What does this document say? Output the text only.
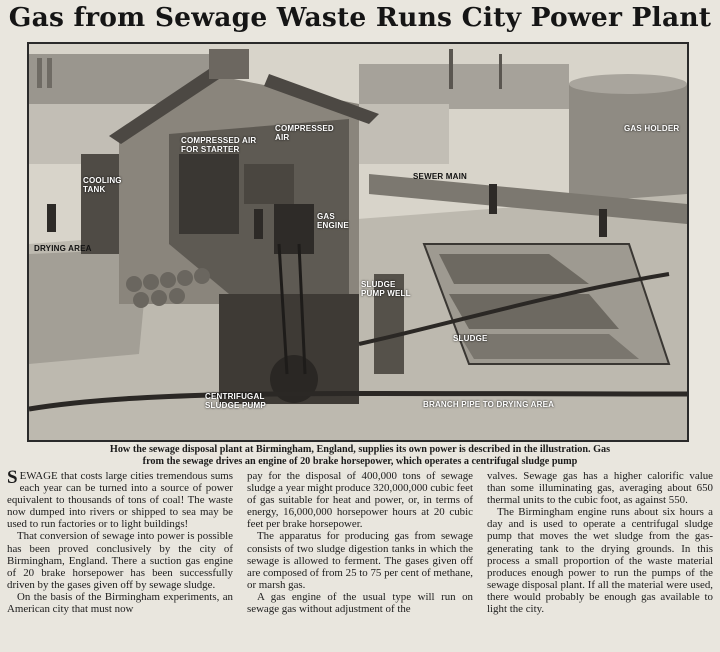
Gas from Sewage Waste Runs City Power Plant
COMPRESSED AIR FOR STARTER
COMPRESSED AIR
GAS HOLDER
COOLING TANK
SEWER MAIN
GAS ENGINE
DRYING AREA
SLUDGE PUMP WELL
SLUDGE
CENTRIFUGAL SLUDGE PUMP	BRANCH PIPE TO DRYING AREA
How the sewage disposal plant at Birmingham, England, supplies its own power is described in the illustration. Gas
from the sewage drives an engine of 20 brake horsepower, which operates a centrifugal sludge pump

SEWAGE that costs large cities tremendous sums each year can be turned into a source of power equivalent to thousands of tons of coal! The waste now dumped into rivers or shipped to sea may be used to run factories or to light buildings!

That conversion of sewage into power is possible has been proved conclusively by the city of Birmingham, England. There a suction gas engine of 20 brake horsepower has been successfully driven by the gases given off by sewage sludge.

On the basis of the Birmingham experiments, an American city that must now

pay for the disposal of 400,000 tons of sewage sludge a year might produce 320,000,000 cubic feet of gas suitable for heat and power, or, in terms of energy, 16,000,000 horsepower hours at 20 cubic feet per brake horsepower.

The apparatus for producing gas from sewage consists of two sludge digestion tanks in which the sewage is allowed to ferment. The gases given off are composed of from 25 to 75 per cent of methane, or marsh gas.

A gas engine of the usual type will run on sewage gas without adjustment of the

valves. Sewage gas has a higher calorific value than some illuminating gas, averaging about 650 thermal units to the cubic foot, as against 550.

The Birmingham engine runs about six hours a day and is used to operate a centrifugal sludge pump that moves the wet sludge from the gas-generating tank to the drying grounds. In this process a small proportion of the waste material produces enough power to run the pumps of the sewage disposal plant. If all the material were used, there would probably be enough gas available to light the city.
